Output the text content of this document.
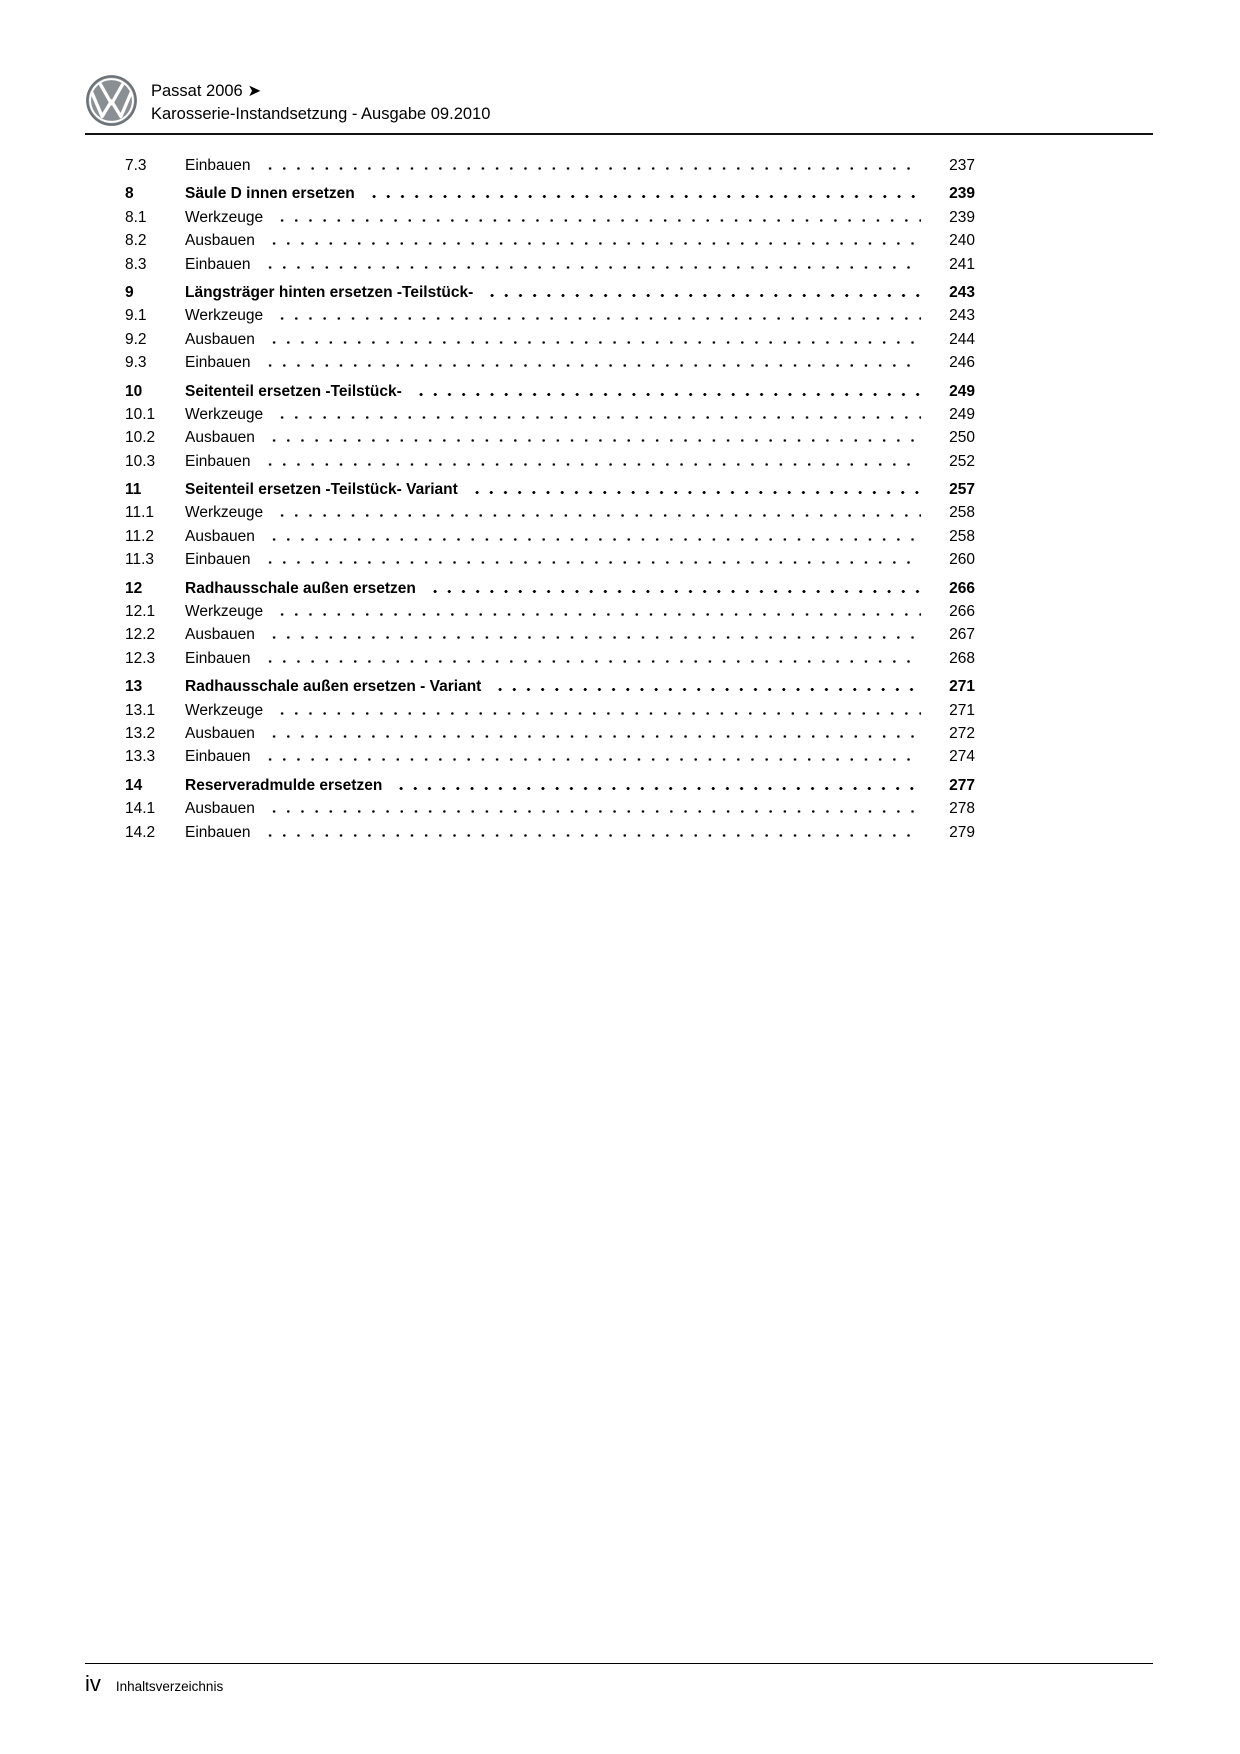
Passat 2006 ➤
Karosserie-Instandsetzung - Ausgabe 09.2010
7.3	Einbauen	237
8	Säule D innen ersetzen	239
8.1	Werkzeuge	239
8.2	Ausbauen	240
8.3	Einbauen	241
9	Längsträger hinten ersetzen -Teilstück-	243
9.1	Werkzeuge	243
9.2	Ausbauen	244
9.3	Einbauen	246
10	Seitenteil ersetzen -Teilstück-	249
10.1	Werkzeuge	249
10.2	Ausbauen	250
10.3	Einbauen	252
11	Seitenteil ersetzen -Teilstück- Variant	257
11.1	Werkzeuge	258
11.2	Ausbauen	258
11.3	Einbauen	260
12	Radhausschale außen ersetzen	266
12.1	Werkzeuge	266
12.2	Ausbauen	267
12.3	Einbauen	268
13	Radhausschale außen ersetzen - Variant	271
13.1	Werkzeuge	271
13.2	Ausbauen	272
13.3	Einbauen	274
14	Reserveradmulde ersetzen	277
14.1	Ausbauen	278
14.2	Einbauen	279
iv Inhaltsverzeichnis
